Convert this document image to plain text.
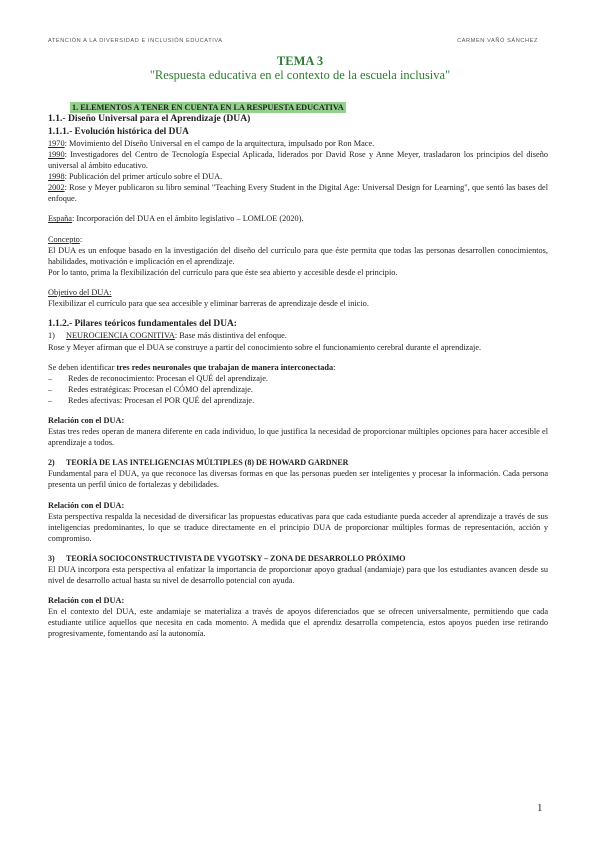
ATENCIÓN A LA DIVERSIDAD E INCLUSIÓN EDUCATIVA	CARMEN VAÑÓ SÁNCHEZ
TEMA 3
"Respuesta educativa en el contexto de la escuela inclusiva"

1. ELEMENTOS A TENER EN CUENTA EN LA RESPUESTA EDUCATIVA

1.1.- Diseño Universal para el Aprendizaje (DUA)

1.1.1.- Evolución histórica del DUA

1970: Movimiento del Diseño Universal en el campo de la arquitectura, impulsado por Ron Mace.

1990: Investigadores del Centro de Tecnología Especial Aplicada, liderados por David Rose y Anne Meyer, trasladaron los principios del diseño universal al ámbito educativo.

1998: Publicación del primer artículo sobre el DUA.

2002: Rose y Meyer publicaron su libro seminal "Teaching Every Student in the Digital Age: Universal Design for Learning", que sentó las bases del enfoque.

España: Incorporación del DUA en el ámbito legislativo – LOMLOE (2020).

Concepto:

El DUA es un enfoque basado en la investigación del diseño del currículo para que éste permita que todas las personas desarrollen conocimientos, habilidades, motivación e implicación en el aprendizaje.

Por lo tanto, prima la flexibilización del currículo para que éste sea abierto y accesible desde el principio.

Objetivo del DUA:

Flexibilizar el currículo para que sea accesible y eliminar barreras de aprendizaje desde el inicio.

1.1.2.- Pilares teóricos fundamentales del DUA:

1) NEUROCIENCIA COGNITIVA: Base más distintiva del enfoque.

Rose y Meyer afirman que el DUA se construye a partir del conocimiento sobre el funcionamiento cerebral durante el aprendizaje.

Se deben identificar tres redes neuronales que trabajan de manera interconectada:

– Redes de reconocimiento: Procesan el QUÉ del aprendizaje.

– Redes estratégicas: Procesan el CÓMO del aprendizaje.

– Redes afectivas: Procesan el POR QUÉ del aprendizaje.

Relación con el DUA:

Estas tres redes operan de manera diferente en cada individuo, lo que justifica la necesidad de proporcionar múltiples opciones para hacer accesible el aprendizaje a todos.

2) TEORÍA DE LAS INTELIGENCIAS MÚLTIPLES (8) DE HOWARD GARDNER

Fundamental para el DUA, ya que reconoce las diversas formas en que las personas pueden ser inteligentes y procesar la información. Cada persona presenta un perfil único de fortalezas y debilidades.

Relación con el DUA:

Esta perspectiva respalda la necesidad de diversificar las propuestas educativas para que cada estudiante pueda acceder al aprendizaje a través de sus inteligencias predominantes, lo que se traduce directamente en el principio DUA de proporcionar múltiples formas de representación, acción y compromiso.

3) TEORÍA SOCIOCONSTRUCTIVISTA DE VYGOTSKY – ZONA DE DESARROLLO PRÓXIMO

El DUA incorpora esta perspectiva al enfatizar la importancia de proporcionar apoyo gradual (andamiaje) para que los estudiantes avancen desde su nivel de desarrollo actual hasta su nivel de desarrollo potencial con ayuda.

Relación con el DUA:

En el contexto del DUA, este andamiaje se materializa a través de apoyos diferenciados que se ofrecen universalmente, permitiendo que cada estudiante utilice aquellos que necesita en cada momento. A medida que el aprendiz desarrolla competencia, estos apoyos pueden irse retirando progresivamente, fomentando así la autonomía.

1
